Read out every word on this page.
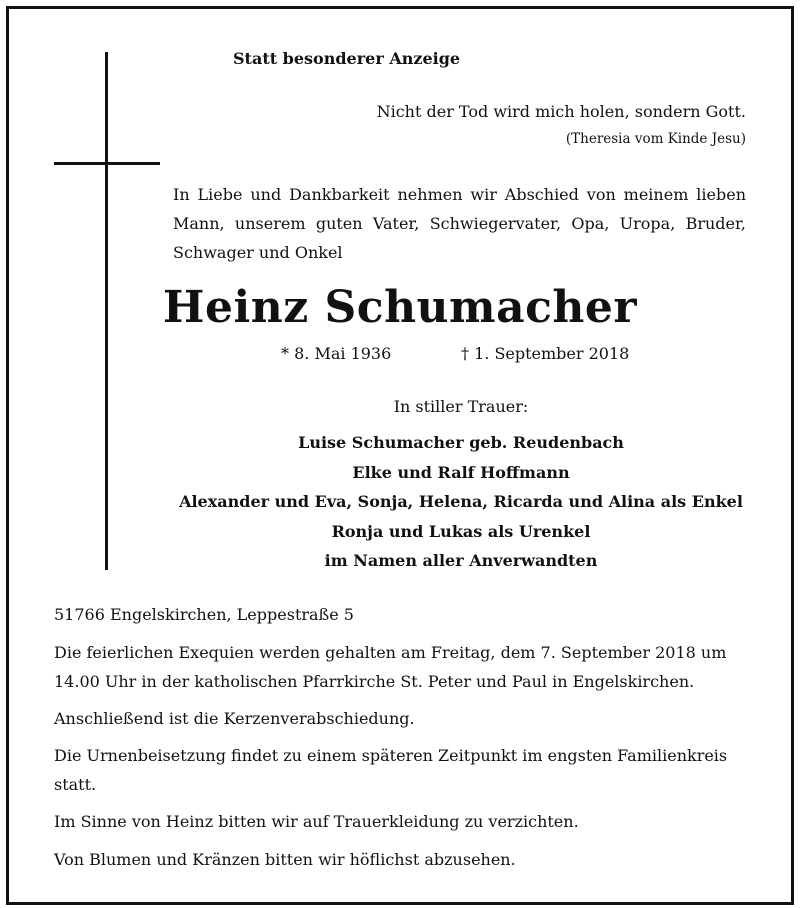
Statt besonderer Anzeige
Nicht der Tod wird mich holen, sondern Gott.
(Theresia vom Kinde Jesu)

In Liebe und Dankbarkeit nehmen wir Abschied von meinem lieben Mann, unserem guten Vater, Schwiegervater, Opa, Uropa, Bruder, Schwager und Onkel

Heinz Schumacher
* 8. Mai 1936	† 1. September 2018
In stiller Trauer:
Luise Schumacher geb. Reudenbach
Elke und Ralf Hoffmann
Alexander und Eva, Sonja, Helena, Ricarda und Alina als Enkel
Ronja und Lukas als Urenkel
im Namen aller Anverwandten
51766 Engelskirchen, Leppestraße 5
Die feierlichen Exequien werden gehalten am Freitag, dem 7. September 2018 um 14.00 Uhr in der katholischen Pfarrkirche St. Peter und Paul in Engelskirchen.
Anschließend ist die Kerzenverabschiedung.
Die Urnenbeisetzung findet zu einem späteren Zeitpunkt im engsten Familienkreis statt.
Im Sinne von Heinz bitten wir auf Trauerkleidung zu verzichten.
Von Blumen und Kränzen bitten wir höflichst abzusehen.
